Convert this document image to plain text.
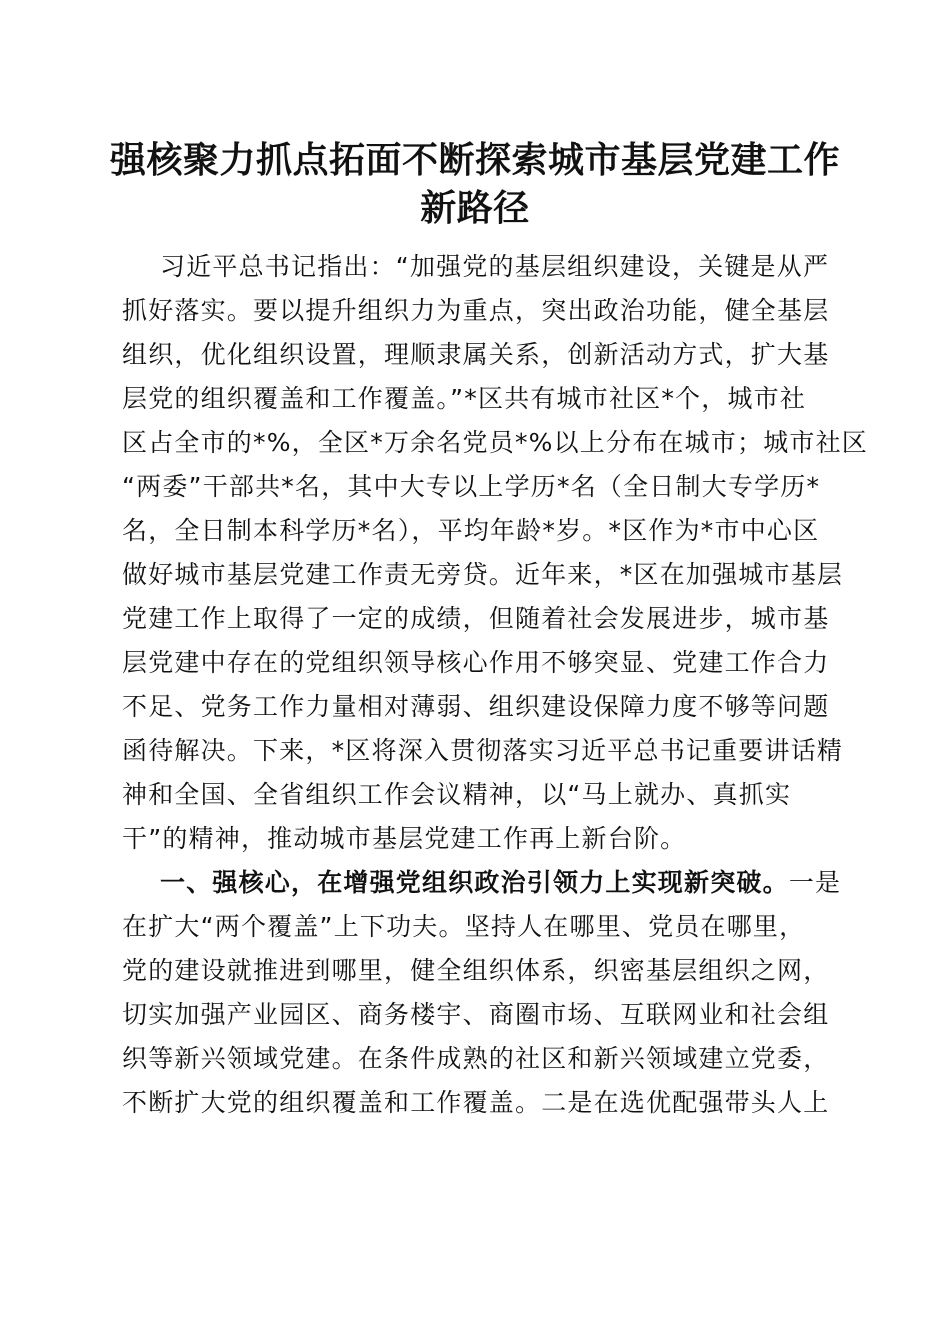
强核聚力抓点拓面不断探索城市基层党建工作
新路径
习近平总书记指出：“加强党的基层组织建设，关键是从严
抓好落实。要以提升组织力为重点，突出政治功能，健全基层
组织，优化组织设置，理顺隶属关系，创新活动方式，扩大基
层党的组织覆盖和工作覆盖。”*区共有城市社区*个，城市社
区占全市的*%，全区*万余名党员*%以上分布在城市；城市社区
“两委”干部共*名，其中大专以上学历*名（全日制大专学历*
名，全日制本科学历*名），平均年龄*岁。*区作为*市中心区
做好城市基层党建工作责无旁贷。近年来，*区在加强城市基层
党建工作上取得了一定的成绩，但随着社会发展进步，城市基
层党建中存在的党组织领导核心作用不够突显、党建工作合力
不足、党务工作力量相对薄弱、组织建设保障力度不够等问题
函待解决。下来，*区将深入贯彻落实习近平总书记重要讲话精
神和全国、全省组织工作会议精神，以“马上就办、真抓实
干”的精神，推动城市基层党建工作再上新台阶。
一、强核心，在增强党组织政治引领力上实现新突破。一是
在扩大“两个覆盖”上下功夫。坚持人在哪里、党员在哪里，
党的建设就推进到哪里，健全组织体系，织密基层组织之网，
切实加强产业园区、商务楼宇、商圈市场、互联网业和社会组
织等新兴领域党建。在条件成熟的社区和新兴领域建立党委，
不断扩大党的组织覆盖和工作覆盖。二是在选优配强带头人上
